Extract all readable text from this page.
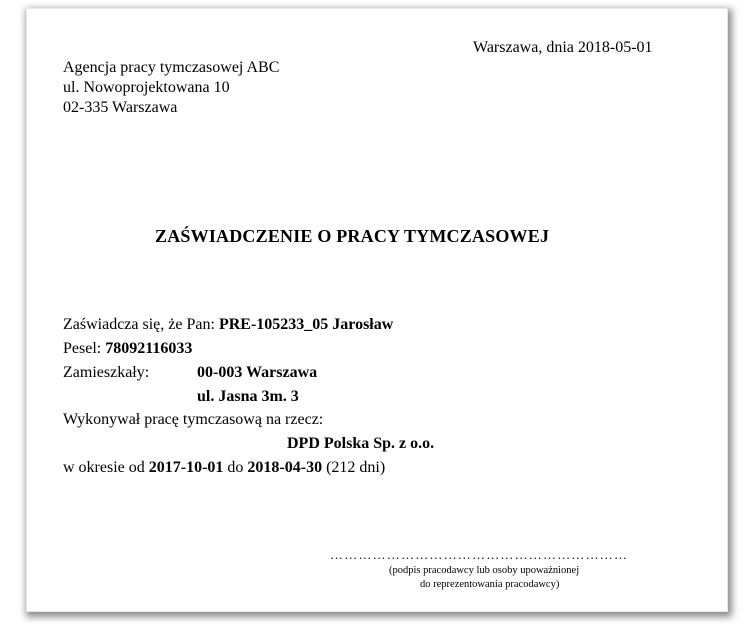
Warszawa, dnia 2018-05-01
Agencja pracy tymczasowej ABC
ul. Nowoprojektowana 10
02-335 Warszawa
ZAŚWIADCZENIE O PRACY TYMCZASOWEJ
Zaświadcza się, że Pan: PRE-105233_05 Jarosław
Pesel: 78092116033
Zamieszkały:	00-003 Warszawa
ul. Jasna 3m. 3
Wykonywał pracę tymczasową na rzecz:
DPD Polska Sp. z o.o.
w okresie od 2017-10-01 do 2018-04-30 (212 dni)
………………………………………………………
(podpis pracodawcy lub osoby upoważnionej
do reprezentowania pracodawcy)
